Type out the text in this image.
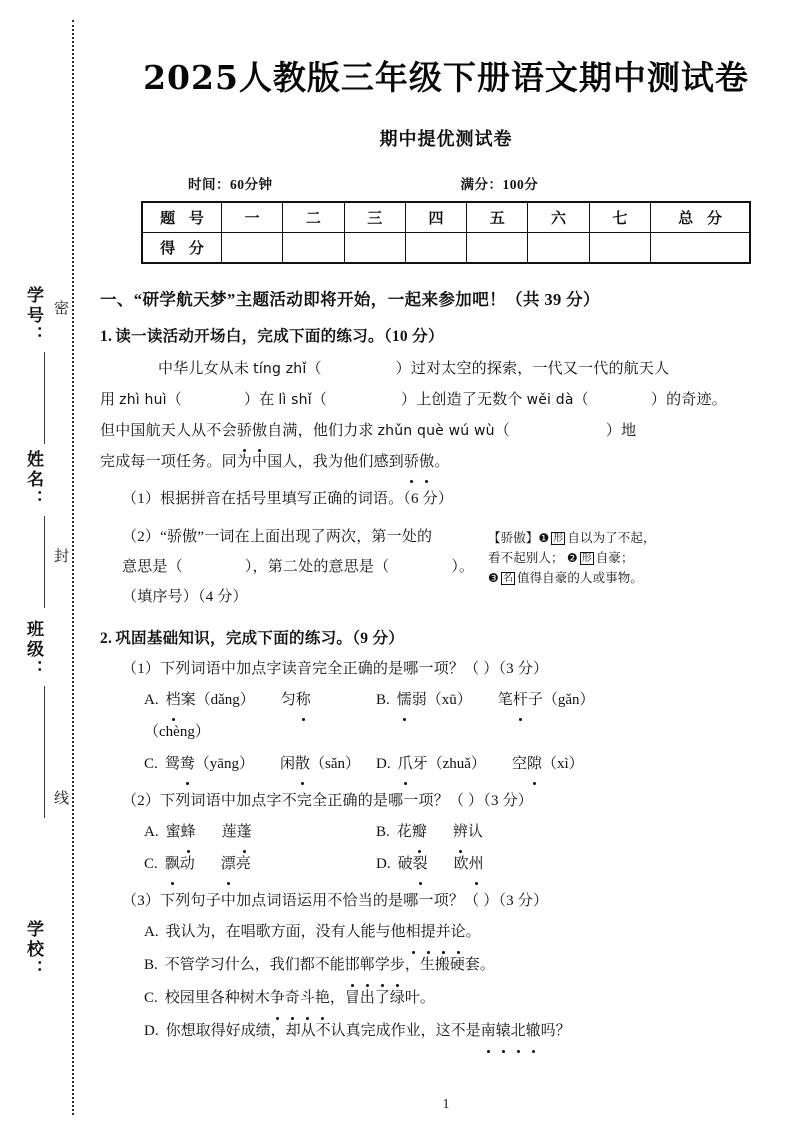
密
封
线
学号：
姓名：
班级：
学校：
2025人教版三年级下册语文期中测试卷
期中提优测试卷
时间：60分钟	满分：100分
题 号	一	二	三	四	五	六	七	总 分
得 分								
一、“研学航天梦”主题活动即将开始，一起来参加吧！（共 39 分）
1. 读一读活动开场白，完成下面的练习。（10 分）
中华儿女从未 tíng zhǐ（	）过对太空的探索，一代又一代的航天人
用 zhì huì（	）在 lì shǐ（	）上创造了无数个 wěi dà（	）的奇迹。
但中国航天人从不会骄傲自满，他们力求 zhǔn què wú wù（	）地
完成每一项任务。同为中国人，我为他们感到骄傲。
（1）根据拼音在括号里填写正确的词语。（6 分）
（2）“骄傲”一词在上面出现了两次，第一处的
意思是（	），第二处的意思是（	）。
（填序号）（4 分）
【骄傲】❶ 形 自以为了不起，
看不起别人； ❷ 形 自豪；
❸ 名 值得自豪的人或事物。
2. 巩固基础知识，完成下面的练习。（9 分）
（1）下列词语中加点字读音完全正确的是哪一项？（ ）（3 分）
A. 档案（dǎng） 匀称（chèng）
B. 懦弱（xū） 笔杆子（gǎn）
C. 鸳鸯（yāng） 闲散（sǎn）	D. 爪牙（zhuǎ） 空隙（xì）
（2）下列词语中加点字不完全正确的是哪一项？（ ）（3 分）
A. 蜜蜂 莲蓬	B. 花瓣 辨认
C. 飘动 漂亮	D. 破裂 欧州
（3）下列句子中加点词语运用不恰当的是哪一项？（ ）（3 分）
A. 我认为，在唱歌方面，没有人能与他相提并论。
B. 不管学习什么，我们都不能邯郸学步，生搬硬套。
C. 校园里各种树木争奇斗艳，冒出了绿叶。
D. 你想取得好成绩，却从不认真完成作业，这不是南辕北辙吗？
1
